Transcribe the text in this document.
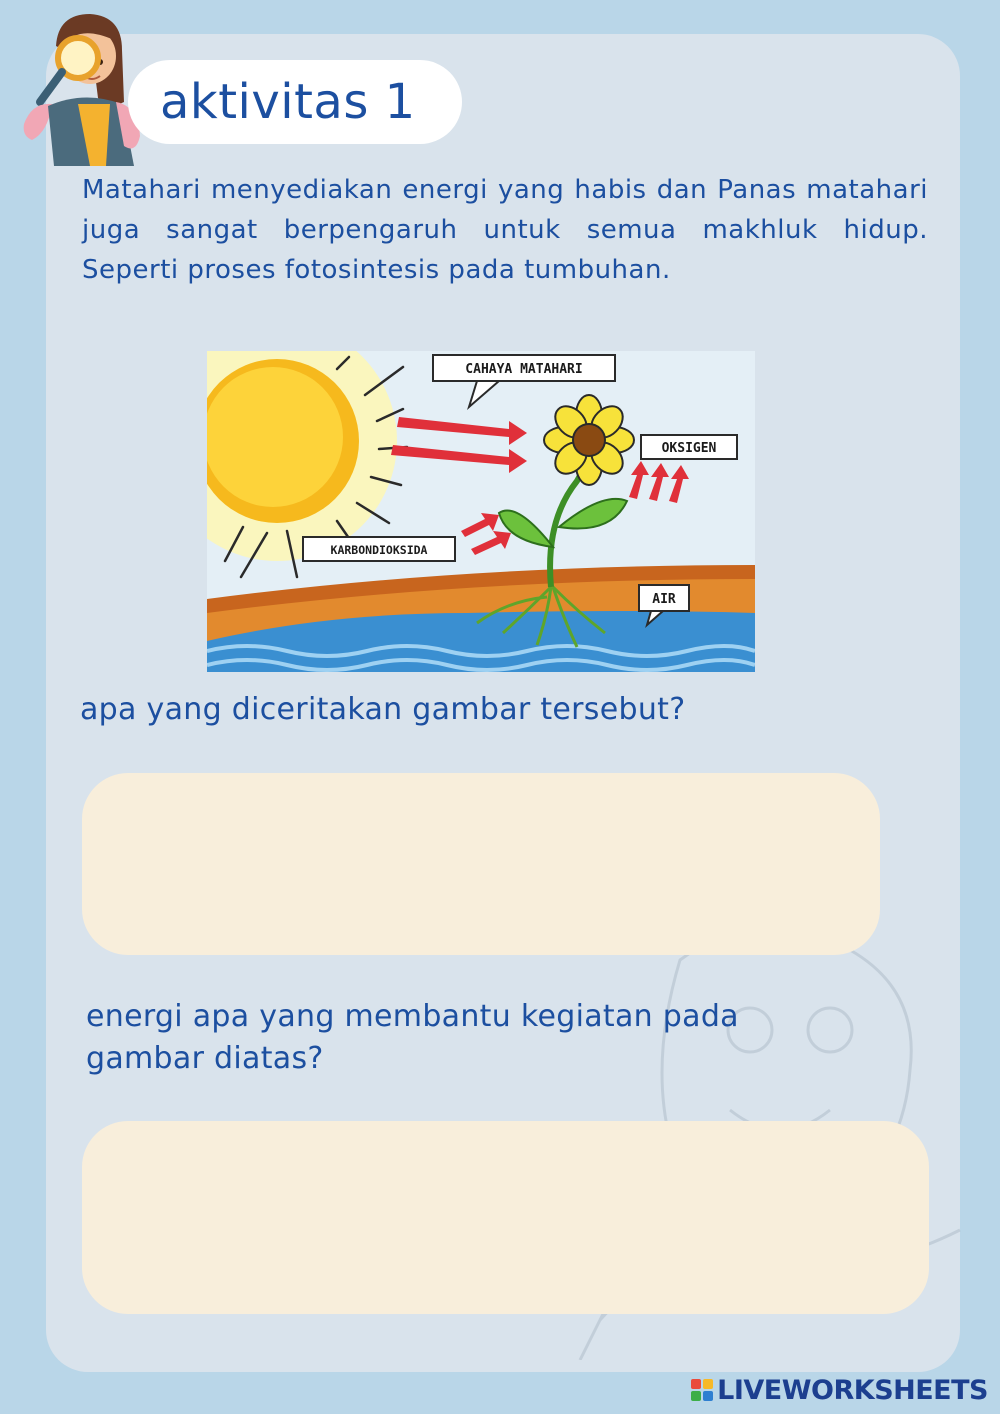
aktivitas 1

Matahari menyediakan energi yang habis dan Panas matahari juga sangat berpengaruh untuk semua makhluk hidup. Seperti proses fotosintesis pada tumbuhan.

CAHAYA MATAHARI
OKSIGEN
KARBONDIOKSIDA
AIR
apa yang diceritakan gambar tersebut?
energi apa yang membantu kegiatan pada gambar diatas?
LIVEWORKSHEETS
